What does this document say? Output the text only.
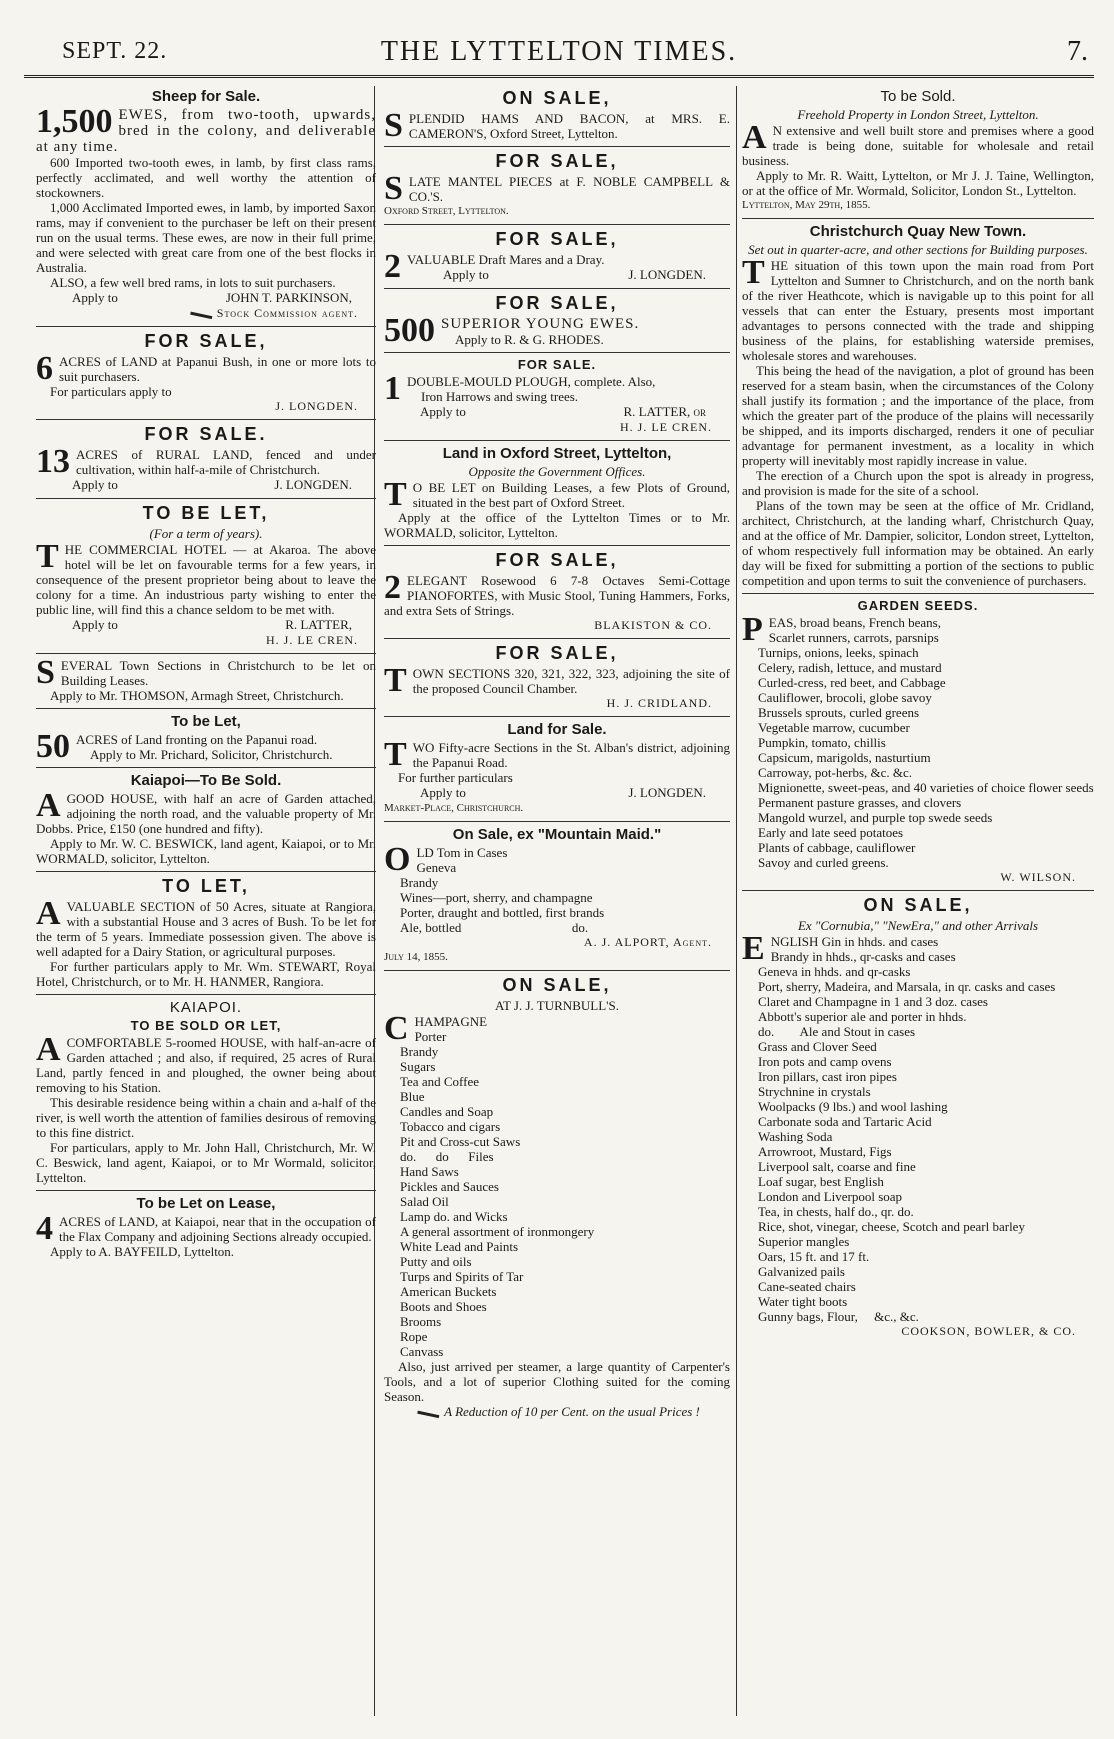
SEPT. 22.	THE LYTTELTON TIMES.	7.
Sheep for Sale.

1,500 EWES, from two-tooth, upwards, bred in the colony, and deliverable at any time.

600 Imported two-tooth ewes, in lamb, by first class rams, perfectly acclimated, and well worthy the attention of stockowners.

1,000 Acclimated Imported ewes, in lamb, by imported Saxon rams, may if convenient to the purchaser be left on their present run on the usual terms. These ewes, are now in their full prime, and were selected with great care from one of the best flocks in Australia.

ALSO, a few well bred rams, in lots to suit purchasers.

Apply to	JOHN T. PARKINSON,
Stock Commission agent.
FOR SALE,

6 ACRES of LAND at Papanui Bush, in one or more lots to suit purchasers.

For particulars apply to

J. LONGDEN.
FOR SALE.

13 ACRES of RURAL LAND, fenced and under cultivation, within half-a-mile of Christchurch.

Apply to	J. LONGDEN.
TO BE LET,
(For a term of years).

THE COMMERCIAL HOTEL — at Akaroa. The above hotel will be let on favourable terms for a few years, in consequence of the present proprietor being about to leave the colony for a time. An industrious party wishing to enter the public line, will find this a chance seldom to be met with.

Apply to	R. LATTER,
H. J. LE CREN.

SEVERAL Town Sections in Christchurch to be let on Building Leases.

Apply to Mr. THOMSON, Armagh Street, Christchurch.

To be Let,

50 ACRES of Land fronting on the Papanui road.

Apply to Mr. Prichard, Solicitor, Christchurch.

Kaiapoi—To Be Sold.

AGOOD HOUSE, with half an acre of Garden attached, adjoining the north road, and the valuable property of Mr. Dobbs. Price, £150 (one hundred and fifty).

Apply to Mr. W. C. BESWICK, land agent, Kaiapoi, or to Mr. WORMALD, solicitor, Lyttelton.

TO LET,

AVALUABLE SECTION of 50 Acres, situate at Rangiora, with a substantial House and 3 acres of Bush. To be let for the term of 5 years. Immediate possession given. The above is well adapted for a Dairy Station, or agricultural purposes.

For further particulars apply to Mr. Wm. STEWART, Royal Hotel, Christchurch, or to Mr. H. HANMER, Rangiora.

KAIAPOI.
TO BE SOLD OR LET,

ACOMFORTABLE 5-roomed HOUSE, with half-an-acre of Garden attached ; and also, if required, 25 acres of Rural Land, partly fenced in and ploughed, the owner being about removing to his Station.

This desirable residence being within a chain and a-half of the river, is well worth the attention of families desirous of removing to this fine district.

For particulars, apply to Mr. John Hall, Christchurch, Mr. W. C. Beswick, land agent, Kaiapoi, or to Mr Wormald, solicitor, Lyttelton.

To be Let on Lease,

4 ACRES of LAND, at Kaiapoi, near that in the occupation of the Flax Company and adjoining Sections already occupied.

Apply to A. BAYFEILD, Lyttelton.

ON SALE,

SPLENDID HAMS AND BACON, at MRS. E. CAMERON'S, Oxford Street, Lyttelton.

FOR SALE,

SLATE MANTEL PIECES at F. NOBLE CAMPBELL & CO.'S.

Oxford Street, Lyttelton.

FOR SALE,

2 VALUABLE Draft Mares and a Dray.

Apply to	J. LONGDEN.
FOR SALE,

500 SUPERIOR YOUNG EWES.

Apply to R. & G. RHODES.

FOR SALE.

1 DOUBLE-MOULD PLOUGH, complete. Also,

Iron Harrows and swing trees.

Apply to	R. LATTER, or
H. J. LE CREN.
Land in Oxford Street, Lyttelton,
Opposite the Government Offices.

T O BE LET on Building Leases, a few Plots of Ground, situated in the best part of Oxford Street.

Apply at the office of the Lyttelton Times or to Mr. WORMALD, solicitor, Lyttelton.

FOR SALE,

2 ELEGANT Rosewood 6 7-8 Octaves Semi-Cottage PIANOFORTES, with Music Stool, Tuning Hammers, Forks, and extra Sets of Strings.

BLAKISTON & CO.
FOR SALE,

TOWN SECTIONS 320, 321, 322, 323, adjoining the site of the proposed Council Chamber.

H. J. CRIDLAND.
Land for Sale.

TWO Fifty-acre Sections in the St. Alban's district, adjoining the Papanui Road.

For further particulars

Apply to	J. LONGDEN.

Market-Place, Christchurch.

On Sale, ex "Mountain Maid."

OLD Tom in Cases

Geneva
Brandy
Wines—port, sherry, and champagne
Porter, draught and bottled, first brands
Ale, bottled                                  do.
A. J. ALPORT, Agent.

July 14, 1855.

ON SALE,
AT J. J. TURNBULL'S.

CHAMPAGNE

Porter
Brandy
Sugars
Tea and Coffee
Blue
Candles and Soap
Tobacco and cigars
Pit and Cross-cut Saws
do.      do      Files
Hand Saws
Pickles and Sauces
Salad Oil
Lamp do. and Wicks
A general assortment of ironmongery
White Lead and Paints
Putty and oils
Turps and Spirits of Tar
American Buckets
Boots and Shoes
Brooms
Rope
Canvass

Also, just arrived per steamer, a large quantity of Carpenter's Tools, and a lot of superior Clothing suited for the coming Season.

A Reduction of 10 per Cent. on the usual Prices !
To be Sold.
Freehold Property in London Street, Lyttelton.

A N extensive and well built store and premises where a good trade is being done, suitable for wholesale and retail business.

Apply to Mr. R. Waitt, Lyttelton, or Mr J. J. Taine, Wellington, or at the office of Mr. Wormald, Solicitor, London St., Lyttelton.

Lyttelton, May 29th, 1855.

Christchurch Quay New Town.
Set out in quarter-acre, and other sections for Building purposes.

THE situation of this town upon the main road from Port Lyttelton and Sumner to Christchurch, and on the north bank of the river Heathcote, which is navigable up to this point for all vessels that can enter the Estuary, presents most important advantages to persons connected with the trade and shipping business of the plains, for establishing waterside premises, wholesale stores and warehouses.

This being the head of the navigation, a plot of ground has been reserved for a steam basin, when the circumstances of the Colony shall justify its formation ; and the importance of the place, from which the greater part of the produce of the plains will necessarily be shipped, and its imports discharged, renders it one of peculiar advantage for permanent investment, as a locality in which property will inevitably most rapidly increase in value.

The erection of a Church upon the spot is already in progress, and provision is made for the site of a school.

Plans of the town may be seen at the office of Mr. Cridland, architect, Christchurch, at the landing wharf, Christchurch Quay, and at the office of Mr. Dampier, solicitor, London street, Lyttelton, of whom respectively full information may be obtained. An early day will be fixed for submitting a portion of the sections to public competition and upon terms to suit the convenience of purchasers.

GARDEN SEEDS.

PEAS, broad beans, French beans,

Scarlet runners, carrots, parsnips
Turnips, onions, leeks, spinach
Celery, radish, lettuce, and mustard
Curled-cress, red beet, and Cabbage
Cauliflower, brocoli, globe savoy
Brussels sprouts, curled greens
Vegetable marrow, cucumber
Pumpkin, tomato, chillis
Capsicum, marigolds, nasturtium
Carroway, pot-herbs, &c. &c.
Mignionette, sweet-peas, and 40 varieties of choice flower seeds
Permanent pasture grasses, and clovers
Mangold wurzel, and purple top swede seeds
Early and late seed potatoes
Plants of cabbage, cauliflower
Savoy and curled greens.
W. WILSON.
ON SALE,
Ex "Cornubia," "NewEra," and other Arrivals

ENGLISH Gin in hhds. and cases

Brandy in hhds., qr-casks and cases
Geneva in hhds. and qr-casks
Port, sherry, Madeira, and Marsala, in qr. casks and cases
Claret and Champagne in 1 and 3 doz. cases
Abbott's superior ale and porter in hhds.
do.        Ale and Stout in cases
Grass and Clover Seed
Iron pots and camp ovens
Iron pillars, cast iron pipes
Strychnine in crystals
Woolpacks (9 lbs.) and wool lashing
Carbonate soda and Tartaric Acid
Washing Soda
Arrowroot, Mustard, Figs
Liverpool salt, coarse and fine
Loaf sugar, best English
London and Liverpool soap
Tea, in chests, half do., qr. do.
Rice, shot, vinegar, cheese, Scotch and pearl barley
Superior mangles
Oars, 15 ft. and 17 ft.
Galvanized pails
Cane-seated chairs
Water tight boots
Gunny bags, Flour,     &c., &c.
COOKSON, BOWLER, & CO.
